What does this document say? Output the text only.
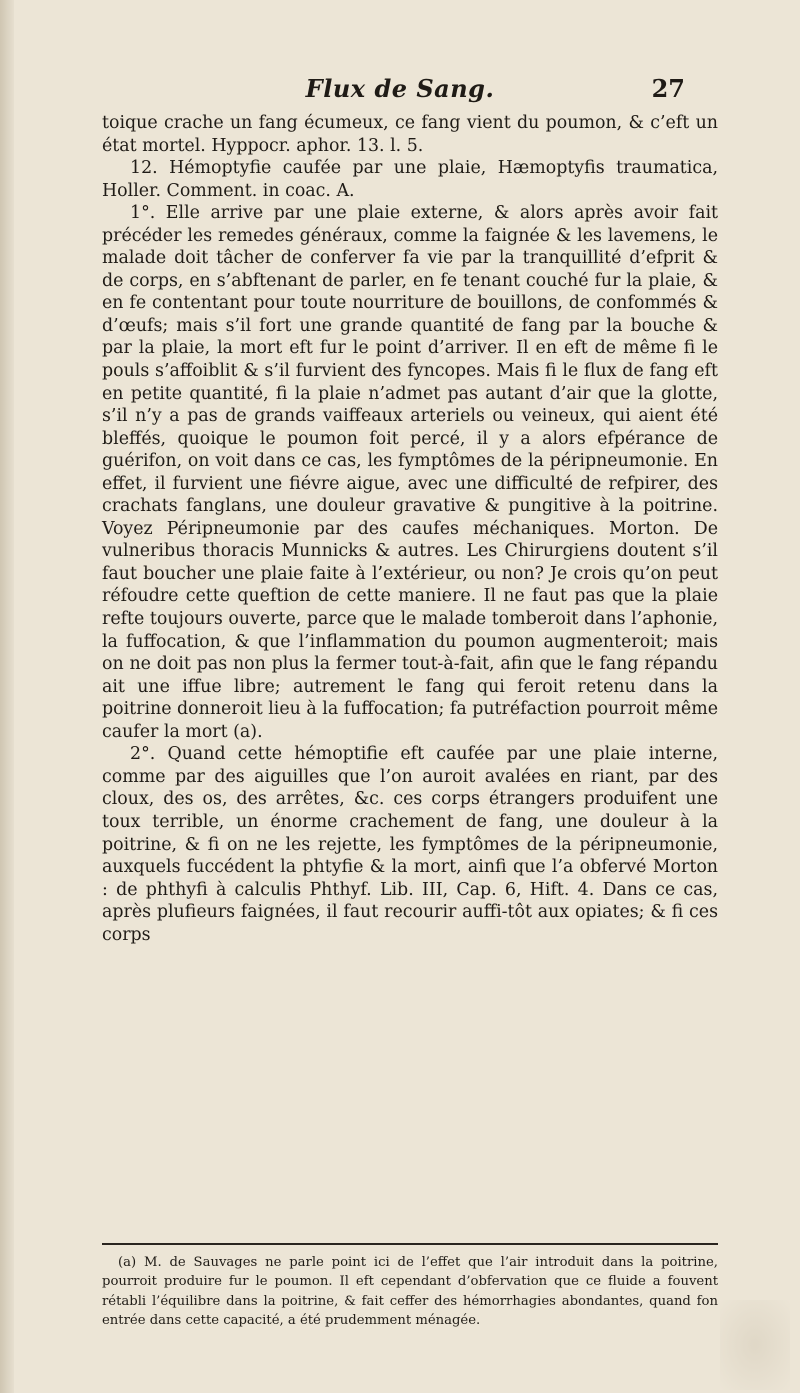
Flux de Sang.	27

toique crache un fang écumeux, ce fang vient du poumon, & c’eft un état mortel. Hyppocr. aphor. 13. l. 5.

12. Hémoptyfie caufée par une plaie, Hæmoptyfis traumatica, Holler. Comment. in coac. A.

1°. Elle arrive par une plaie externe, & alors après avoir fait précéder les remedes généraux, comme la faignée & les lavemens, le malade doit tâcher de conferver fa vie par la tranquillité d’efprit & de corps, en s’abftenant de parler, en fe tenant couché fur la plaie, & en fe contentant pour toute nourriture de bouillons, de confommés & d’œufs; mais s’il fort une grande quantité de fang par la bouche & par la plaie, la mort eft fur le point d’arriver. Il en eft de même fi le pouls s’affoiblit & s’il furvient des fyncopes. Mais fi le flux de fang eft en petite quantité, fi la plaie n’admet pas autant d’air que la glotte, s’il n’y a pas de grands vaiffeaux arteriels ou veineux, qui aient été bleffés, quoique le poumon foit percé, il y a alors efpérance de guérifon, on voit dans ce cas, les fymptômes de la péripneumonie. En effet, il furvient une fiévre aigue, avec une difficulté de refpirer, des crachats fanglans, une douleur gravative & pungitive à la poitrine. Voyez Péripneumonie par des caufes méchaniques. Morton. De vulneribus thoracis Munnicks & autres. Les Chirurgiens doutent s’il faut boucher une plaie faite à l’extérieur, ou non? Je crois qu’on peut réfoudre cette queftion de cette maniere. Il ne faut pas que la plaie refte toujours ouverte, parce que le malade tomberoit dans l’aphonie, la fuffocation, & que l’inflammation du poumon augmenteroit; mais on ne doit pas non plus la fermer tout-à-fait, afin que le fang répandu ait une iffue libre; autrement le fang qui feroit retenu dans la poitrine donneroit lieu à la fuffocation; fa putréfaction pourroit même caufer la mort (a).

2°. Quand cette hémoptifie eft caufée par une plaie interne, comme par des aiguilles que l’on auroit avalées en riant, par des cloux, des os, des arrêtes, &c. ces corps étrangers produifent une toux terrible, un énorme crachement de fang, une douleur à la poitrine, & fi on ne les rejette, les fymptômes de la péripneumonie, auxquels fuccédent la phtyfie & la mort, ainfi que l’a obfervé Morton : de phthyfi à calculis Phthyf. Lib. III, Cap. 6, Hift. 4. Dans ce cas, après plufieurs faignées, il faut recourir auffi-tôt aux opiates; & fi ces corps

(a) M. de Sauvages ne parle point ici de l’effet que l’air introduit dans la poitrine, pourroit produire fur le poumon. Il eft cependant d’obfervation que ce fluide a fouvent rétabli l’équilibre dans la poitrine, & fait ceffer des hémorrhagies abondantes, quand fon entrée dans cette capacité, a été prudemment ménagée.
